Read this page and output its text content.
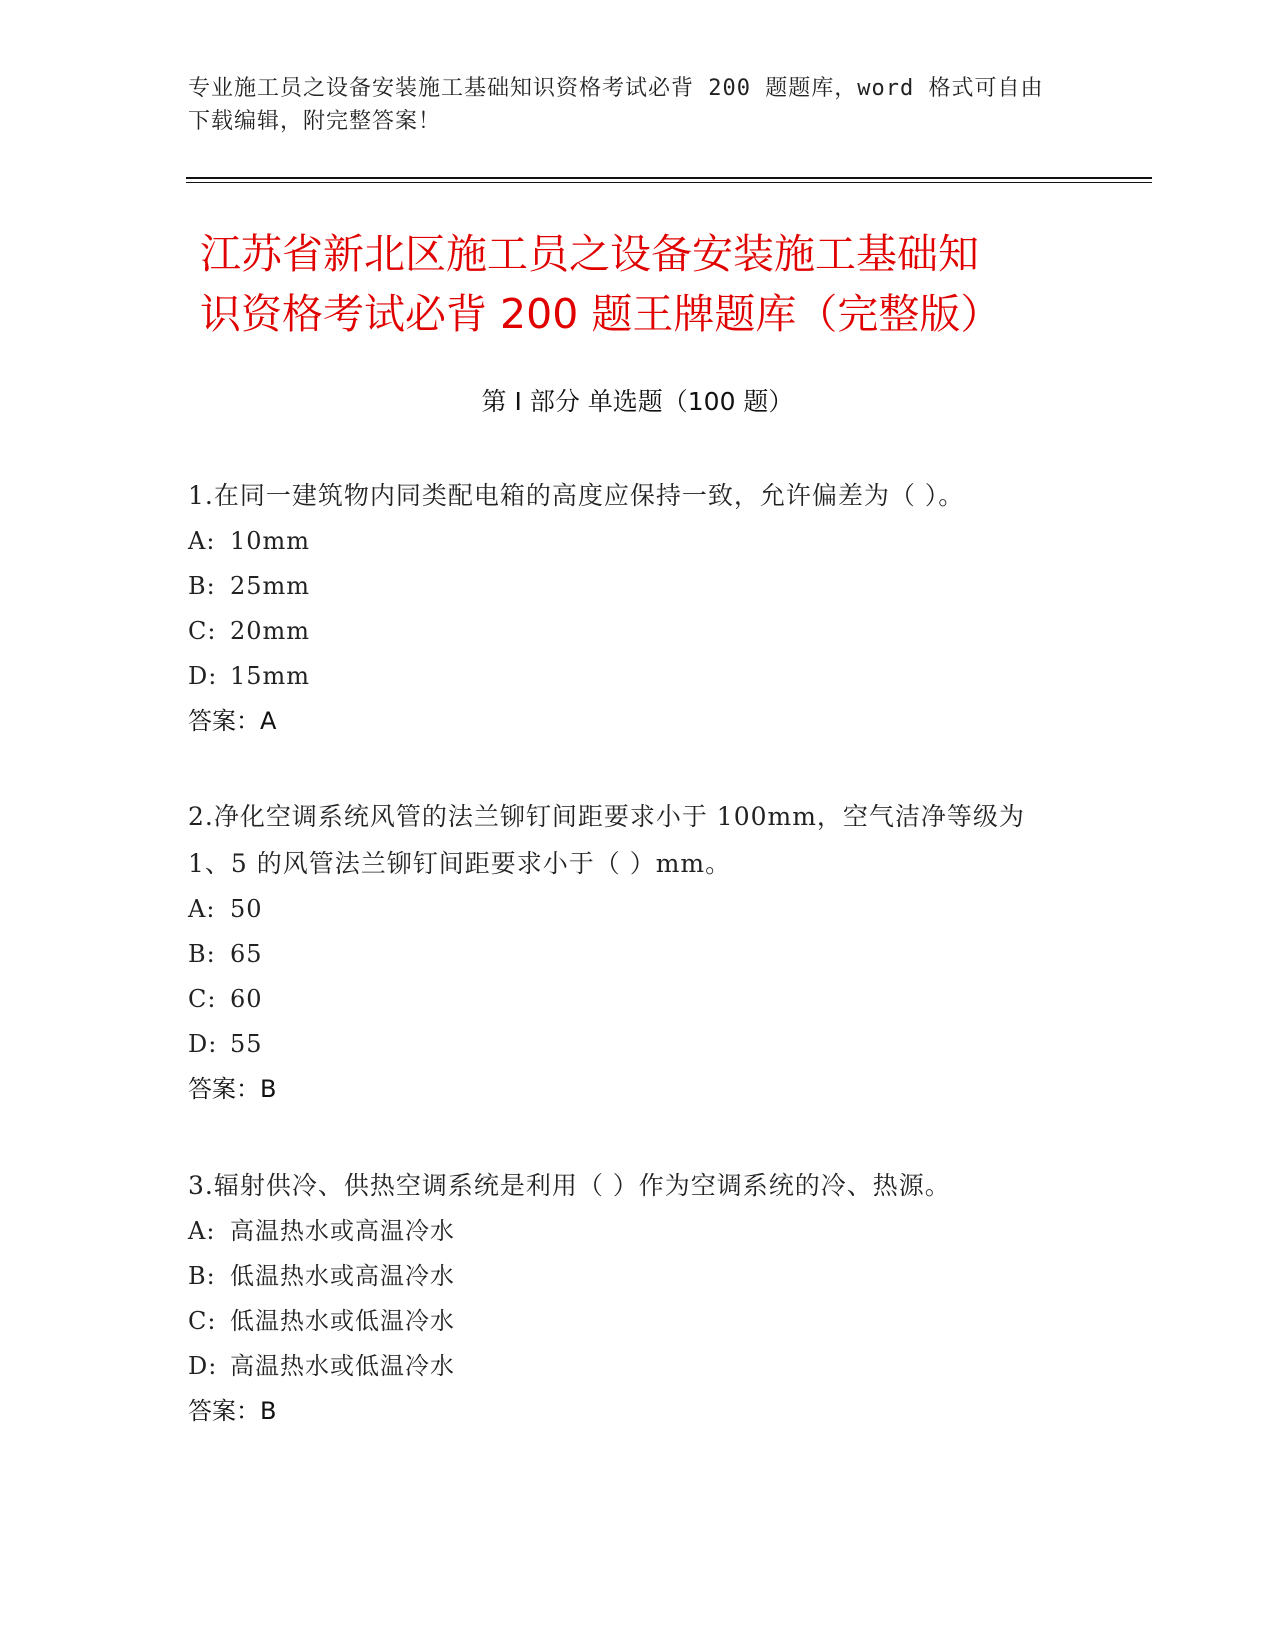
专业施工员之设备安装施工基础知识资格考试必背 200 题题库，word 格式可自由
下载编辑，附完整答案！
江苏省新北区施工员之设备安装施工基础知
识资格考试必背 200 题王牌题库（完整版）
第 I 部分 单选题（100 题）
1.在同一建筑物内同类配电箱的高度应保持一致，允许偏差为（ ）。
A: 10mm
B: 25mm
C: 20mm
D: 15mm
答案：A
2.净化空调系统风管的法兰铆钉间距要求小于 100mm，空气洁净等级为
1、5 的风管法兰铆钉间距要求小于（ ）mm。
A: 50
B: 65
C: 60
D: 55
答案：B
3.辐射供冷、供热空调系统是利用（ ）作为空调系统的冷、热源。
A: 高温热水或高温冷水
B: 低温热水或高温冷水
C: 低温热水或低温冷水
D: 高温热水或低温冷水
答案：B
